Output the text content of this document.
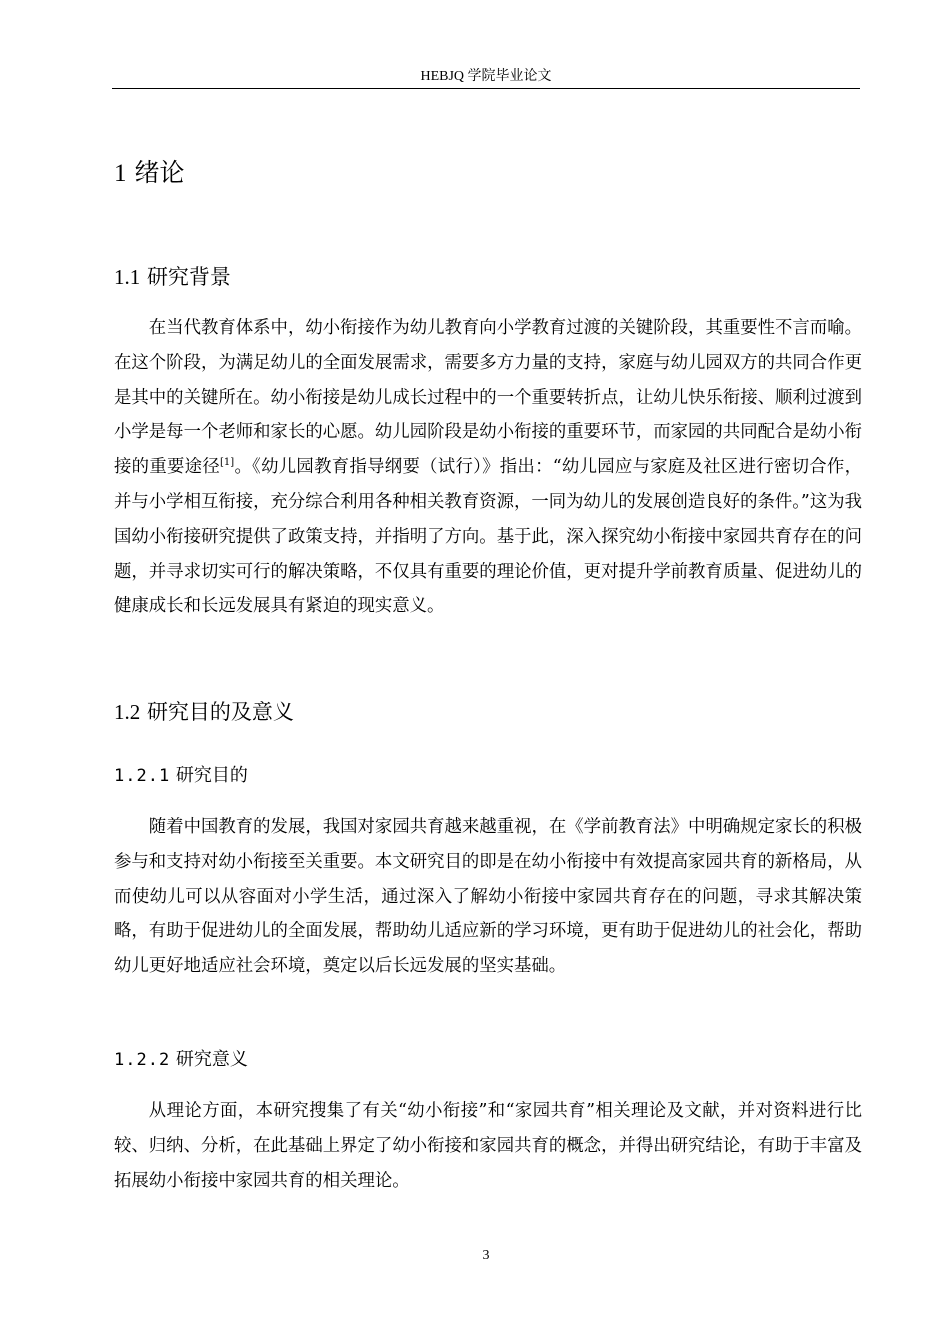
HEBJQ 学院毕业论文
1 绪论
1.1 研究背景

在当代教育体系中，幼小衔接作为幼儿教育向小学教育过渡的关键阶段，其重要性不言而喻。在这个阶段，为满足幼儿的全面发展需求，需要多方力量的支持，家庭与幼儿园双方的共同合作更是其中的关键所在。幼小衔接是幼儿成长过程中的一个重要转折点，让幼儿快乐衔接、顺利过渡到小学是每一个老师和家长的心愿。幼儿园阶段是幼小衔接的重要环节，而家园的共同配合是幼小衔接的重要途径[1]。《幼儿园教育指导纲要（试行）》指出：“幼儿园应与家庭及社区进行密切合作，并与小学相互衔接，充分综合利用各种相关教育资源，一同为幼儿的发展创造良好的条件。”这为我国幼小衔接研究提供了政策支持，并指明了方向。基于此，深入探究幼小衔接中家园共育存在的问题，并寻求切实可行的解决策略，不仅具有重要的理论价值，更对提升学前教育质量、促进幼儿的健康成长和长远发展具有紧迫的现实意义。

1.2 研究目的及意义
1.2.1 研究目的

随着中国教育的发展，我国对家园共育越来越重视，在《学前教育法》中明确规定家长的积极参与和支持对幼小衔接至关重要。本文研究目的即是在幼小衔接中有效提高家园共育的新格局，从而使幼儿可以从容面对小学生活，通过深入了解幼小衔接中家园共育存在的问题，寻求其解决策略，有助于促进幼儿的全面发展，帮助幼儿适应新的学习环境，更有助于促进幼儿的社会化，帮助幼儿更好地适应社会环境，奠定以后长远发展的坚实基础。

1.2.2 研究意义

从理论方面，本研究搜集了有关“幼小衔接”和“家园共育”相关理论及文献，并对资料进行比较、归纳、分析，在此基础上界定了幼小衔接和家园共育的概念，并得出研究结论，有助于丰富及拓展幼小衔接中家园共育的相关理论。

3
